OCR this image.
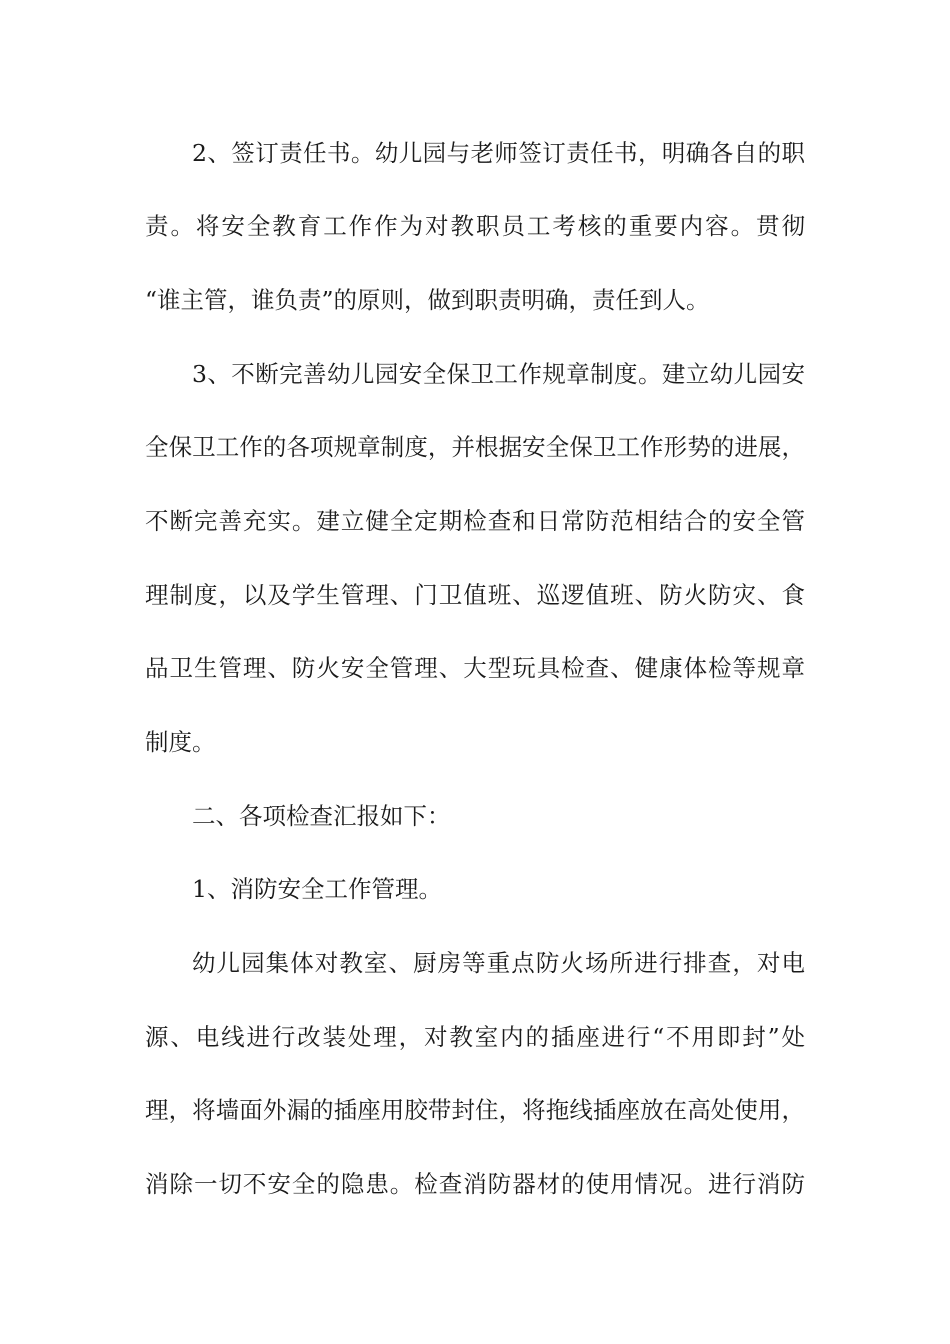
2、签订责任书。幼儿园与老师签订责任书，明确各自的职
责。将安全教育工作作为对教职员工考核的重要内容。贯彻
“谁主管，谁负责”的原则，做到职责明确，责任到人。
3、不断完善幼儿园安全保卫工作规章制度。建立幼儿园安
全保卫工作的各项规章制度，并根据安全保卫工作形势的进展，
不断完善充实。建立健全定期检查和日常防范相结合的安全管
理制度，以及学生管理、门卫值班、巡逻值班、防火防灾、食
品卫生管理、防火安全管理、大型玩具检查、健康体检等规章
制度。
二、各项检查汇报如下：
1、消防安全工作管理。
幼儿园集体对教室、厨房等重点防火场所进行排查，对电
源、电线进行改装处理，对教室内的插座进行“不用即封”处
理，将墙面外漏的插座用胶带封住，将拖线插座放在高处使用，
消除一切不安全的隐患。检查消防器材的使用情况。进行消防
